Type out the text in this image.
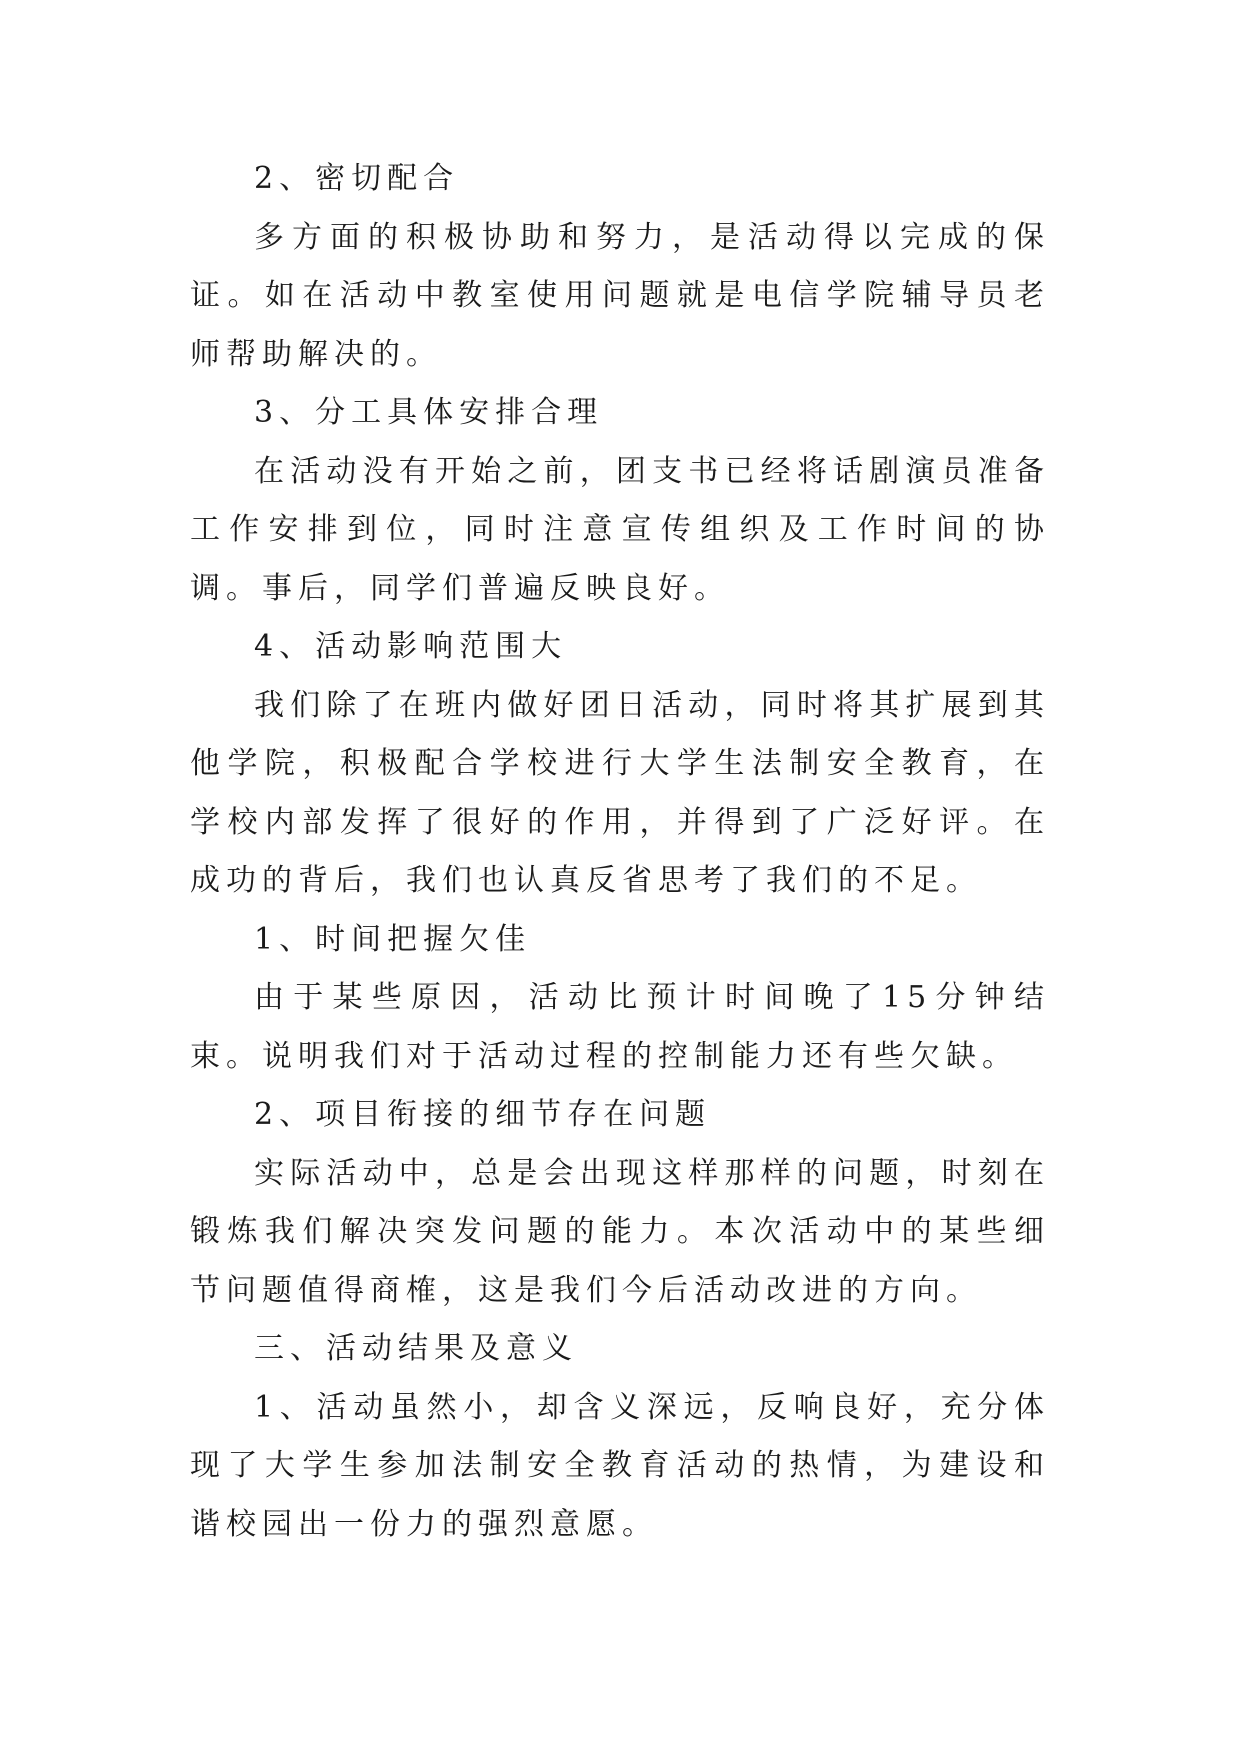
2、密切配合

多方面的积极协助和努力，是活动得以完成的保证。如在活动中教室使用问题就是电信学院辅导员老师帮助解决的。

3、分工具体安排合理

在活动没有开始之前，团支书已经将话剧演员准备工作安排到位，同时注意宣传组织及工作时间的协调。事后，同学们普遍反映良好。

4、活动影响范围大

我们除了在班内做好团日活动，同时将其扩展到其他学院，积极配合学校进行大学生法制安全教育，在学校内部发挥了很好的作用，并得到了广泛好评。在成功的背后，我们也认真反省思考了我们的不足。

1、时间把握欠佳

由于某些原因，活动比预计时间晚了15分钟结束。说明我们对于活动过程的控制能力还有些欠缺。

2、项目衔接的细节存在问题

实际活动中，总是会出现这样那样的问题，时刻在锻炼我们解决突发问题的能力。本次活动中的某些细节问题值得商榷，这是我们今后活动改进的方向。

三、活动结果及意义

1、活动虽然小，却含义深远，反响良好，充分体现了大学生参加法制安全教育活动的热情，为建设和谐校园出一份力的强烈意愿。
